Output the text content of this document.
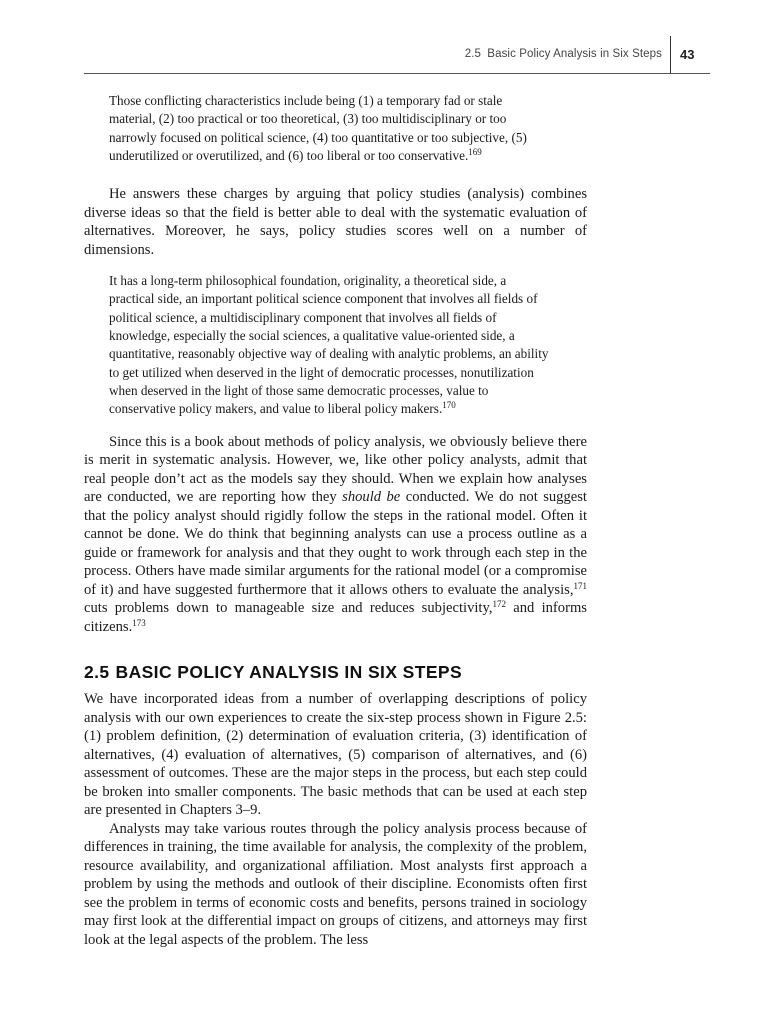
2.5 Basic Policy Analysis in Six Steps 43

Those conflicting characteristics include being (1) a temporary fad or stale material, (2) too practical or too theoretical, (3) too multidisciplinary or too narrowly focused on political science, (4) too quantitative or too subjective, (5) underutilized or overutilized, and (6) too liberal or too conservative.$^{169}$

He answers these charges by arguing that policy studies (analysis) combines diverse ideas so that the field is better able to deal with the systematic evaluation of alternatives. Moreover, he says, policy studies scores well on a number of dimensions.

It has a long-term philosophical foundation, originality, a theoretical side, a practical side, an important political science component that involves all fields of political science, a multidisciplinary component that involves all fields of knowledge, especially the social sciences, a qualitative value-oriented side, a quantitative, reasonably objective way of dealing with analytic problems, an ability to get utilized when deserved in the light of democratic processes, nonutilization when deserved in the light of those same democratic processes, value to conservative policy makers, and value to liberal policy makers.$^{170}$

Since this is a book about methods of policy analysis, we obviously believe there is merit in systematic analysis. However, we, like other policy analysts, admit that real people don’t act as the models say they should. When we explain how analyses are conducted, we are reporting how they should be conducted. We do not suggest that the policy analyst should rigidly follow the steps in the rational model. Often it cannot be done. We do think that beginning analysts can use a process outline as a guide or framework for analysis and that they ought to work through each step in the process. Others have made similar arguments for the rational model (or a compromise of it) and have suggested furthermore that it allows others to evaluate the analysis,$^{171}$ cuts problems down to manageable size and reduces subjectivity,$^{172}$ and informs citizens.$^{173}$

2.5 BASIC POLICY ANALYSIS IN SIX STEPS

We have incorporated ideas from a number of overlapping descriptions of policy analysis with our own experiences to create the six-step process shown in Figure 2.5: (1) problem definition, (2) determination of evaluation criteria, (3) identification of alternatives, (4) evaluation of alternatives, (5) comparison of alternatives, and (6) assessment of outcomes. These are the major steps in the process, but each step could be broken into smaller components. The basic methods that can be used at each step are presented in Chapters 3–9.

Analysts may take various routes through the policy analysis process because of differences in training, the time available for analysis, the complexity of the problem, resource availability, and organizational affiliation. Most analysts first approach a problem by using the methods and outlook of their discipline. Economists often first see the problem in terms of economic costs and benefits, persons trained in sociology may first look at the differential impact on groups of citizens, and attorneys may first look at the legal aspects of the problem. The less
